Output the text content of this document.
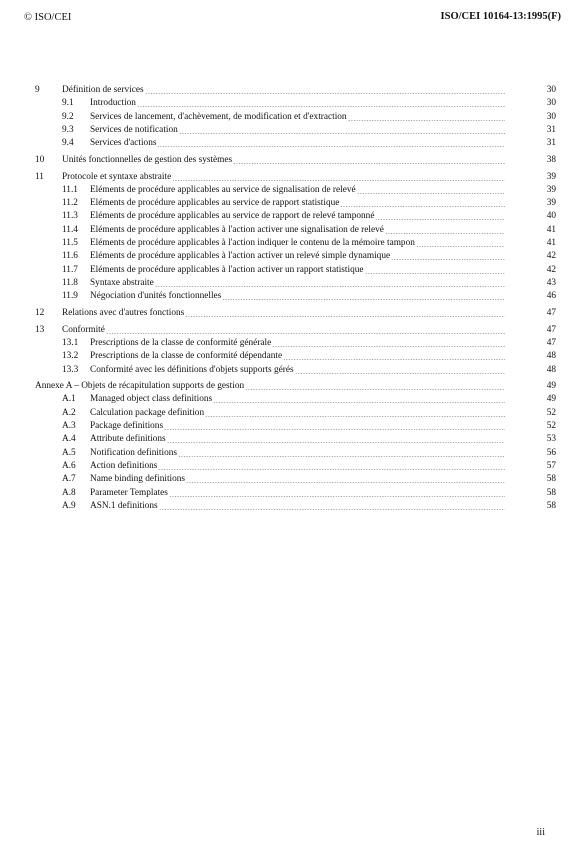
© ISO/CEI	ISO/CEI 10164-13:1995(F)
9 Définition de services	30
9.1 Introduction	30
9.2 Services de lancement, d'achèvement, de modification et d'extraction	30
9.3 Services de notification	31
9.4 Services d'actions	31
10 Unités fonctionnelles de gestion des systèmes	38
11 Protocole et syntaxe abstraite	39
11.1 Eléments de procédure applicables au service de signalisation de relevé	39
11.2 Eléments de procédure applicables au service de rapport statistique	39
11.3 Eléments de procédure applicables au service de rapport de relevé tamponné	40
11.4 Eléments de procédure applicables à l'action activer une signalisation de relevé	41
11.5 Eléments de procédure applicables à l'action indiquer le contenu de la mémoire tampon	41
11.6 Eléments de procédure applicables à l'action activer un relevé simple dynamique	42
11.7 Eléments de procédure applicables à l'action activer un rapport statistique	42
11.8 Syntaxe abstraite	43
11.9 Négociation d'unités fonctionnelles	46
12 Relations avec d'autres fonctions	47
13 Conformité	47
13.1 Prescriptions de la classe de conformité générale	47
13.2 Prescriptions de la classe de conformité dépendante	48
13.3 Conformité avec les définitions d'objets supports gérés	48
Annexe A – Objets de récapitulation supports de gestion	49
A.1 Managed object class definitions	49
A.2 Calculation package definition	52
A.3 Package definitions	52
A.4 Attribute definitions	53
A.5 Notification definitions	56
A.6 Action definitions	57
A.7 Name binding definitions	58
A.8 Parameter Templates	58
A.9 ASN.1 definitions	58
iii
